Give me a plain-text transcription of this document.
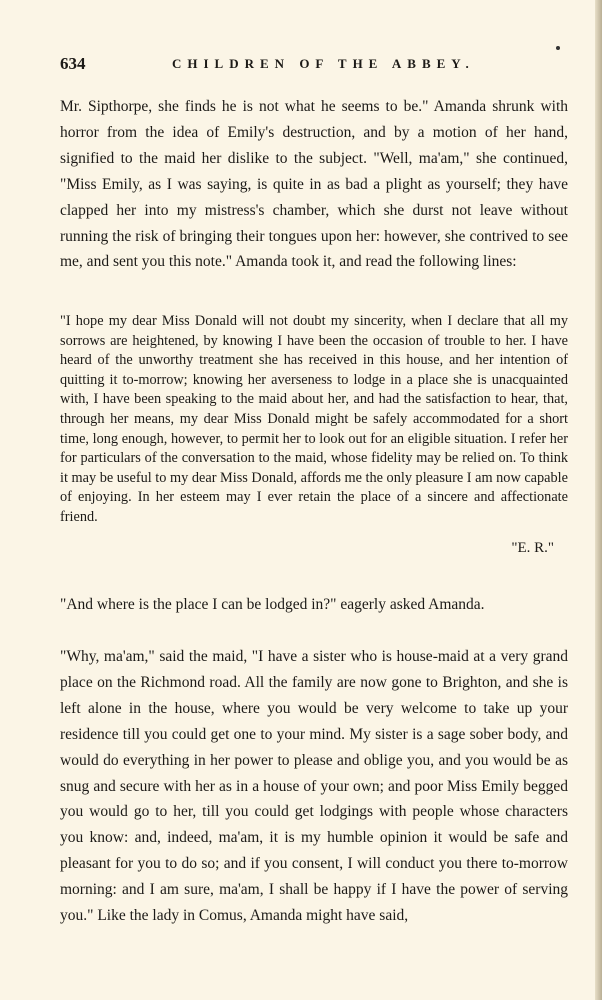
634	CHILDREN OF THE ABBEY.

Mr. Sipthorpe, she finds he is not what he seems to be." Amanda shrunk with horror from the idea of Emily's destruction, and by a motion of her hand, signified to the maid her dislike to the subject. "Well, ma'am," she continued, "Miss Emily, as I was saying, is quite in as bad a plight as yourself; they have clapped her into my mistress's chamber, which she durst not leave without running the risk of bringing their tongues upon her: however, she contrived to see me, and sent you this note." Amanda took it, and read the following lines:

"I hope my dear Miss Donald will not doubt my sincerity, when I declare that all my sorrows are heightened, by knowing I have been the occasion of trouble to her. I have heard of the unworthy treatment she has received in this house, and her intention of quitting it to-morrow; knowing her averseness to lodge in a place she is unacquainted with, I have been speaking to the maid about her, and had the satisfaction to hear, that, through her means, my dear Miss Donald might be safely accommodated for a short time, long enough, however, to permit her to look out for an eligible situation. I refer her for particulars of the conversation to the maid, whose fidelity may be relied on. To think it may be useful to my dear Miss Donald, affords me the only pleasure I am now capable of enjoying. In her esteem may I ever retain the place of a sincere and affectionate friend.

"E. R."

"And where is the place I can be lodged in?" eagerly asked Amanda.

"Why, ma'am," said the maid, "I have a sister who is house-maid at a very grand place on the Richmond road. All the family are now gone to Brighton, and she is left alone in the house, where you would be very welcome to take up your residence till you could get one to your mind. My sister is a sage sober body, and would do everything in her power to please and oblige you, and you would be as snug and secure with her as in a house of your own; and poor Miss Emily begged you would go to her, till you could get lodgings with people whose characters you know: and, indeed, ma'am, it is my humble opinion it would be safe and pleasant for you to do so; and if you consent, I will conduct you there to-morrow morning: and I am sure, ma'am, I shall be happy if I have the power of serving you." Like the lady in Comus, Amanda might have said,
